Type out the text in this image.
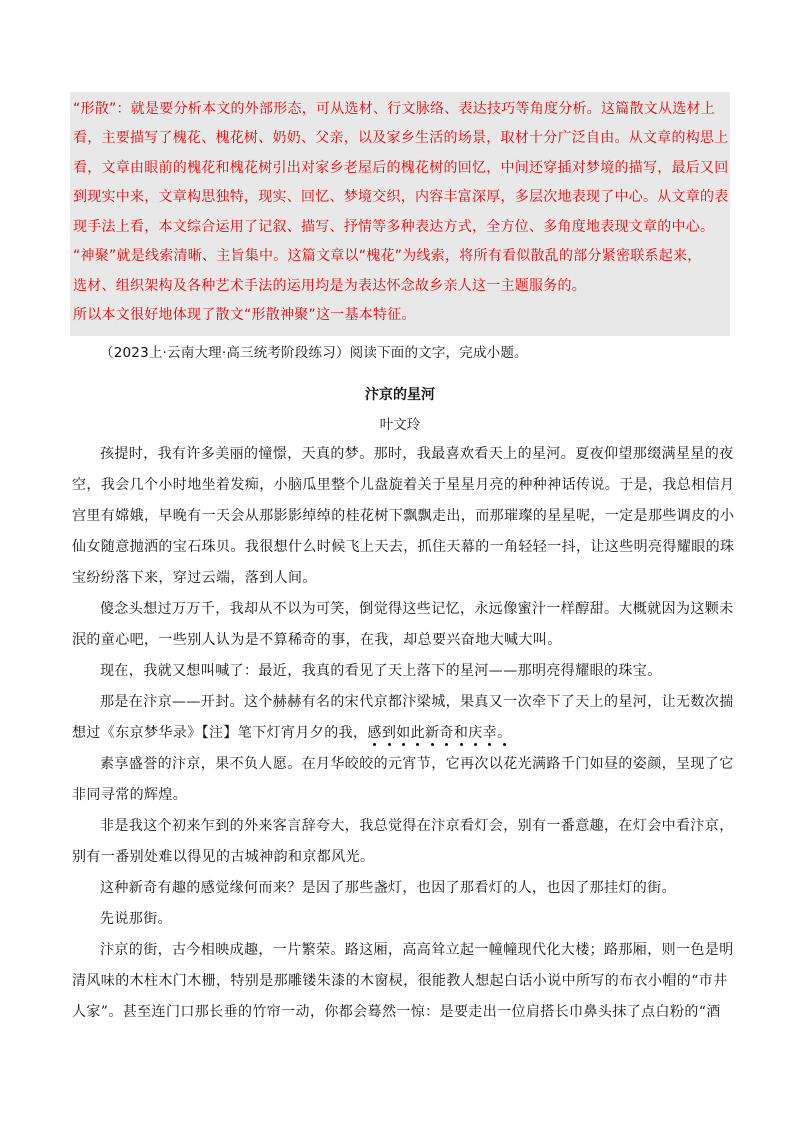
“形散”：就是要分析本文的外部形态，可从选材、行文脉络、表达技巧等角度分析。这篇散文从选材上
看，主要描写了槐花、槐花树、奶奶、父亲，以及家乡生活的场景，取材十分广泛自由。从文章的构思上
看，文章由眼前的槐花和槐花树引出对家乡老屋后的槐花树的回忆，中间还穿插对梦境的描写，最后又回
到现实中来，文章构思独特，现实、回忆、梦境交织，内容丰富深厚，多层次地表现了中心。从文章的表
现手法上看，本文综合运用了记叙、描写、抒情等多种表达方式，全方位、多角度地表现文章的中心。
“神聚”就是线索清晰、主旨集中。这篇文章以“槐花”为线索，将所有看似散乱的部分紧密联系起来，
选材、组织架构及各种艺术手法的运用均是为表达怀念故乡亲人这一主题服务的。
所以本文很好地体现了散文“形散神聚”这一基本特征。
（2023上·云南大理·高三统考阶段练习）阅读下面的文字，完成小题。
汴京的星河
叶文玲
孩提时，我有许多美丽的憧憬，天真的梦。那时，我最喜欢看天上的星河。夏夜仰望那缀满星星的夜
空，我会几个小时地坐着发痴，小脑瓜里整个儿盘旋着关于星星月亮的种种神话传说。于是，我总相信月
宫里有嫦娥，早晚有一天会从那影影绰绰的桂花树下飘飘走出，而那璀璨的星星呢，一定是那些调皮的小
仙女随意抛洒的宝石珠贝。我很想什么时候飞上天去，抓住天幕的一角轻轻一抖，让这些明亮得耀眼的珠
宝纷纷落下来，穿过云端，落到人间。
傻念头想过万万千，我却从不以为可笑，倒觉得这些记忆，永远像蜜汁一样醇甜。大概就因为这颗未
泯的童心吧，一些别人认为是不算稀奇的事，在我，却总要兴奋地大喊大叫。
现在，我就又想叫喊了：最近，我真的看见了天上落下的星河——那明亮得耀眼的珠宝。
那是在汴京——开封。这个赫赫有名的宋代京都汴梁城，果真又一次牵下了天上的星河，让无数次揣
想过《东京梦华录》【注】笔下灯宵月夕的我，感到如此新奇和庆幸。
素享盛誉的汴京，果不负人愿。在月华皎皎的元宵节，它再次以花光满路千门如昼的姿颜，呈现了它
非同寻常的辉煌。
非是我这个初来乍到的外来客言辞夸大，我总觉得在汴京看灯会，别有一番意趣，在灯会中看汴京，
别有一番别处难以得见的古城神韵和京都风光。
这种新奇有趣的感觉缘何而来？是因了那些盏灯，也因了那看灯的人，也因了那挂灯的街。
先说那街。
汴京的街，古今相映成趣，一片繁荣。路这厢，高高耸立起一幢幢现代化大楼；路那厢，则一色是明
清风味的木柱木门木栅，特别是那雕镂朱漆的木窗棂，很能教人想起白话小说中所写的布衣小帽的“市井
人家”。甚至连门口那长垂的竹帘一动，你都会蓦然一惊：是要走出一位肩搭长巾鼻头抹了点白粉的“酒
